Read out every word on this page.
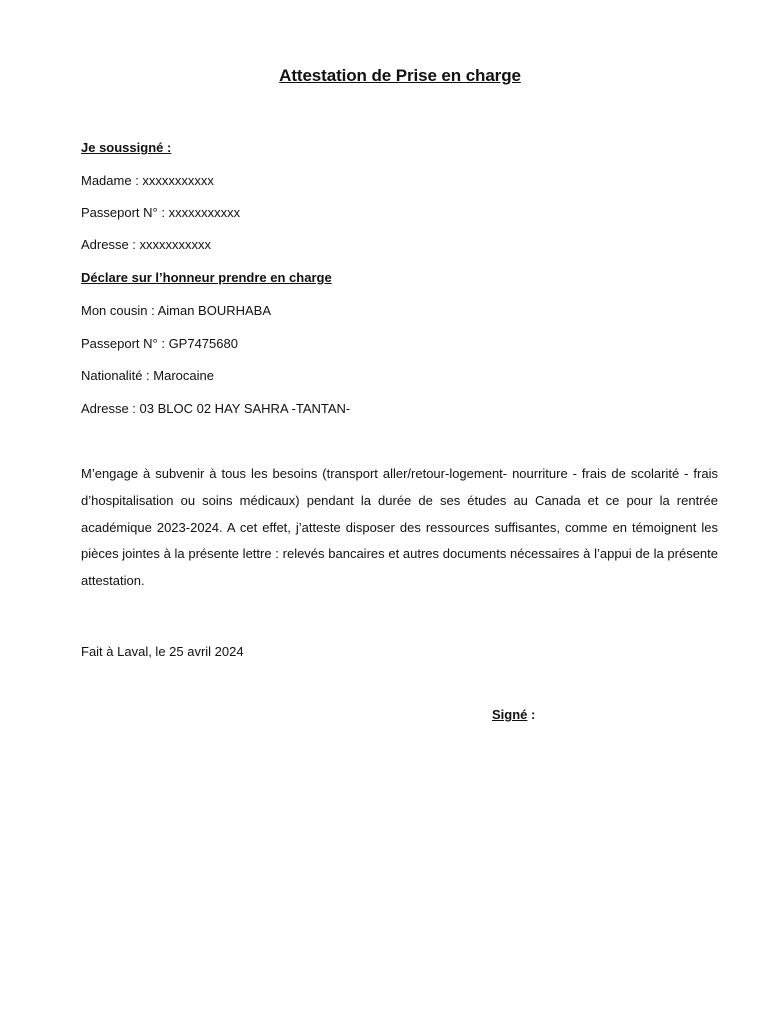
Attestation de Prise en charge
Je soussigné :
Madame : xxxxxxxxxxx
Passeport N° : xxxxxxxxxxx
Adresse : xxxxxxxxxxx
Déclare sur l’honneur prendre en charge
Mon cousin : Aiman BOURHABA
Passeport N° : GP7475680
Nationalité : Marocaine
Adresse : 03 BLOC 02 HAY SAHRA -TANTAN-
M’engage à subvenir à tous les besoins (transport aller/retour-logement- nourriture - frais de scolarité - frais d’hospitalisation ou soins médicaux) pendant la durée de ses études au Canada et ce pour la rentrée académique 2023-2024. A cet effet, j’atteste disposer des ressources suffisantes, comme en témoignent les pièces jointes à la présente lettre : relevés bancaires et autres documents nécessaires à l’appui de la présente attestation.
Fait à Laval, le 25 avril 2024
Signé :
